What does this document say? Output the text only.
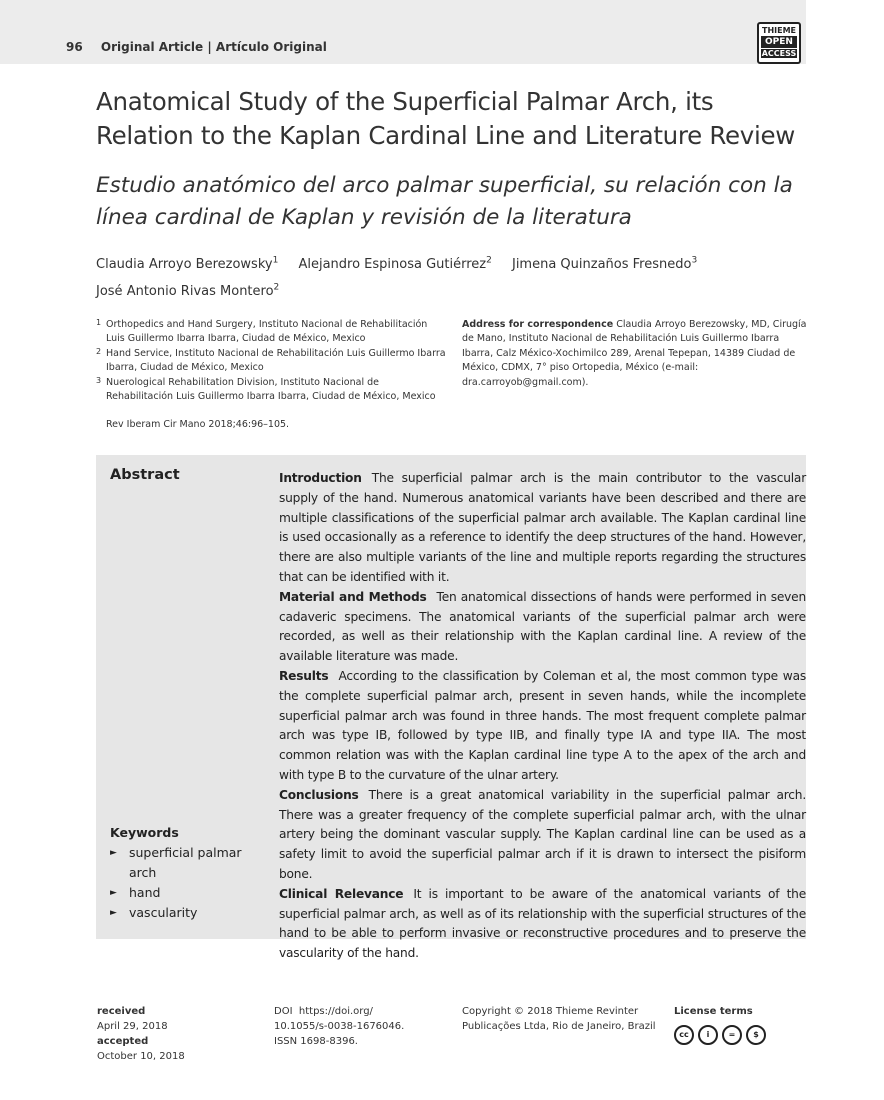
96 Original Article | Artículo Original
THIEME
OPEN
ACCESS
Anatomical Study of the Superficial Palmar Arch, its Relation to the Kaplan Cardinal Line and Literature Review
Estudio anatómico del arco palmar superficial, su relación con la línea cardinal de Kaplan y revisión de la literatura
Claudia Arroyo Berezowsky$^1$ Alejandro Espinosa Gutiérrez$^2$ Jimena Quinzaños Fresnedo$^3$
José Antonio Rivas Montero$^2$
1 Orthopedics and Hand Surgery, Instituto Nacional de Rehabilitación Luis Guillermo Ibarra Ibarra, Ciudad de México, Mexico
2 Hand Service, Instituto Nacional de Rehabilitación Luis Guillermo Ibarra Ibarra, Ciudad de México, Mexico
3 Nuerological Rehabilitation Division, Instituto Nacional de Rehabilitación Luis Guillermo Ibarra Ibarra, Ciudad de México, Mexico
Address for correspondence Claudia Arroyo Berezowsky, MD, Cirugía de Mano, Instituto Nacional de Rehabilitación Luis Guillermo Ibarra Ibarra, Calz México-Xochimilco 289, Arenal Tepepan, 14389 Ciudad de México, CDMX, 7° piso Ortopedia, México (e-mail: dra.carroyob@gmail.com).
Rev Iberam Cir Mano 2018;46:96–105.
Abstract	Introduction The superficial palmar arch is the main contributor to the vascular supply of the hand. Numerous anatomical variants have been described and there are multiple classifications of the superficial palmar arch available. The Kaplan cardinal line is used occasionally as a reference to identify the deep structures of the hand. However, there are also multiple variants of the line and multiple reports regarding the structures that can be identified with it.

Material and Methods Ten anatomical dissections of hands were performed in seven cadaveric specimens. The anatomical variants of the superficial palmar arch were recorded, as well as their relationship with the Kaplan cardinal line. A review of the available literature was made.

Results According to the classification by Coleman et al, the most common type was the complete superficial palmar arch, present in seven hands, while the incomplete superficial palmar arch was found in three hands. The most frequent complete palmar arch was type IB, followed by type IIB, and finally type IA and type IIA. The most common relation was with the Kaplan cardinal line type A to the apex of the arch and with type B to the curvature of the ulnar artery.

Conclusions There is a great anatomical variability in the superficial palmar arch. There was a greater frequency of the complete superficial palmar arch, with the ulnar artery being the dominant vascular supply. The Kaplan cardinal line can be used as a safety limit to avoid the superficial palmar arch if it is drawn to intersect the pisiform bone.

Clinical Relevance It is important to be aware of the anatomical variants of the superficial palmar arch, as well as of its relationship with the superficial structures of the hand to be able to perform invasive or reconstructive procedures and to preserve the vascularity of the hand.

Keywords
► superficial palmar arch
► hand
► vascularity
received
April 29, 2018
accepted
October 10, 2018
DOI https://doi.org/ 10.1055/s-0038-1676046.
ISSN 1698-8396.
Copyright © 2018 Thieme Revinter Publicações Ltda, Rio de Janeiro, Brazil
License terms
cc	i	=	$
